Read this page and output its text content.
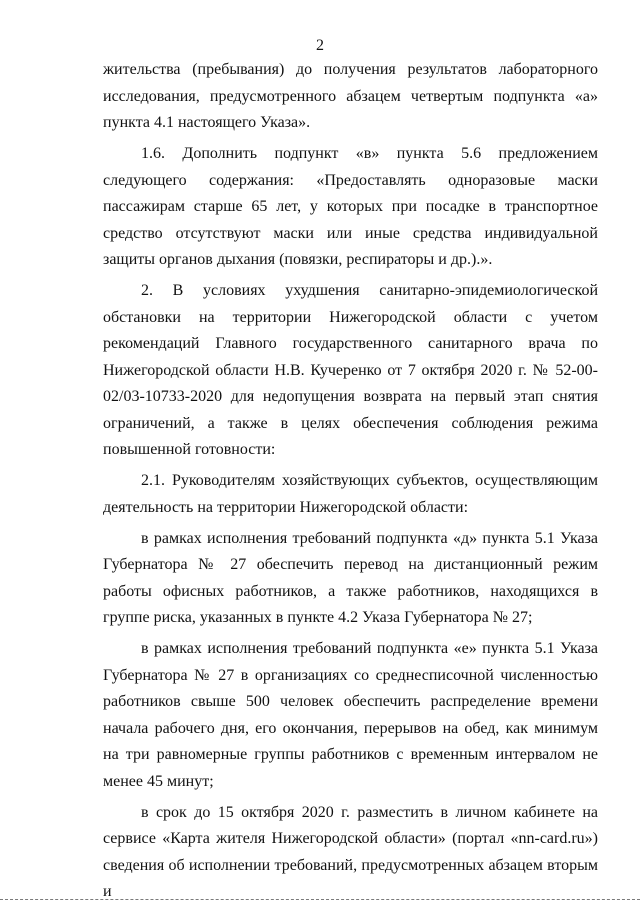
2

жительства (пребывания) до получения результатов лабораторного исследования, предусмотренного абзацем четвертым подпункта «а» пункта 4.1 настоящего Указа».

1.6. Дополнить подпункт «в» пункта 5.6 предложением следующего содержания: «Предоставлять одноразовые маски пассажирам старше 65 лет, у которых при посадке в транспортное средство отсутствуют маски или иные средства индивидуальной защиты органов дыхания (повязки, респираторы и др.).».

2. В условиях ухудшения санитарно-эпидемиологической обстановки на территории Нижегородской области с учетом рекомендаций Главного государственного санитарного врача по Нижегородской области Н.В. Кучеренко от 7 октября 2020 г. № 52-00-02/03-10733-2020 для недопущения возврата на первый этап снятия ограничений, а также в целях обеспечения соблюдения режима повышенной готовности:

2.1. Руководителям хозяйствующих субъектов, осуществляющим деятельность на территории Нижегородской области:

в рамках исполнения требований подпункта «д» пункта 5.1 Указа Губернатора № 27 обеспечить перевод на дистанционный режим работы офисных работников, а также работников, находящихся в группе риска, указанных в пункте 4.2 Указа Губернатора № 27;

в рамках исполнения требований подпункта «е» пункта 5.1 Указа Губернатора № 27 в организациях со среднесписочной численностью работников свыше 500 человек обеспечить распределение времени начала рабочего дня, его окончания, перерывов на обед, как минимум на три равномерные группы работников с временным интервалом не менее 45 минут;

в срок до 15 октября 2020 г. разместить в личном кабинете на сервисе «Карта жителя Нижегородской области» (портал «nn-card.ru») сведения об исполнении требований, предусмотренных абзацем вторым и
